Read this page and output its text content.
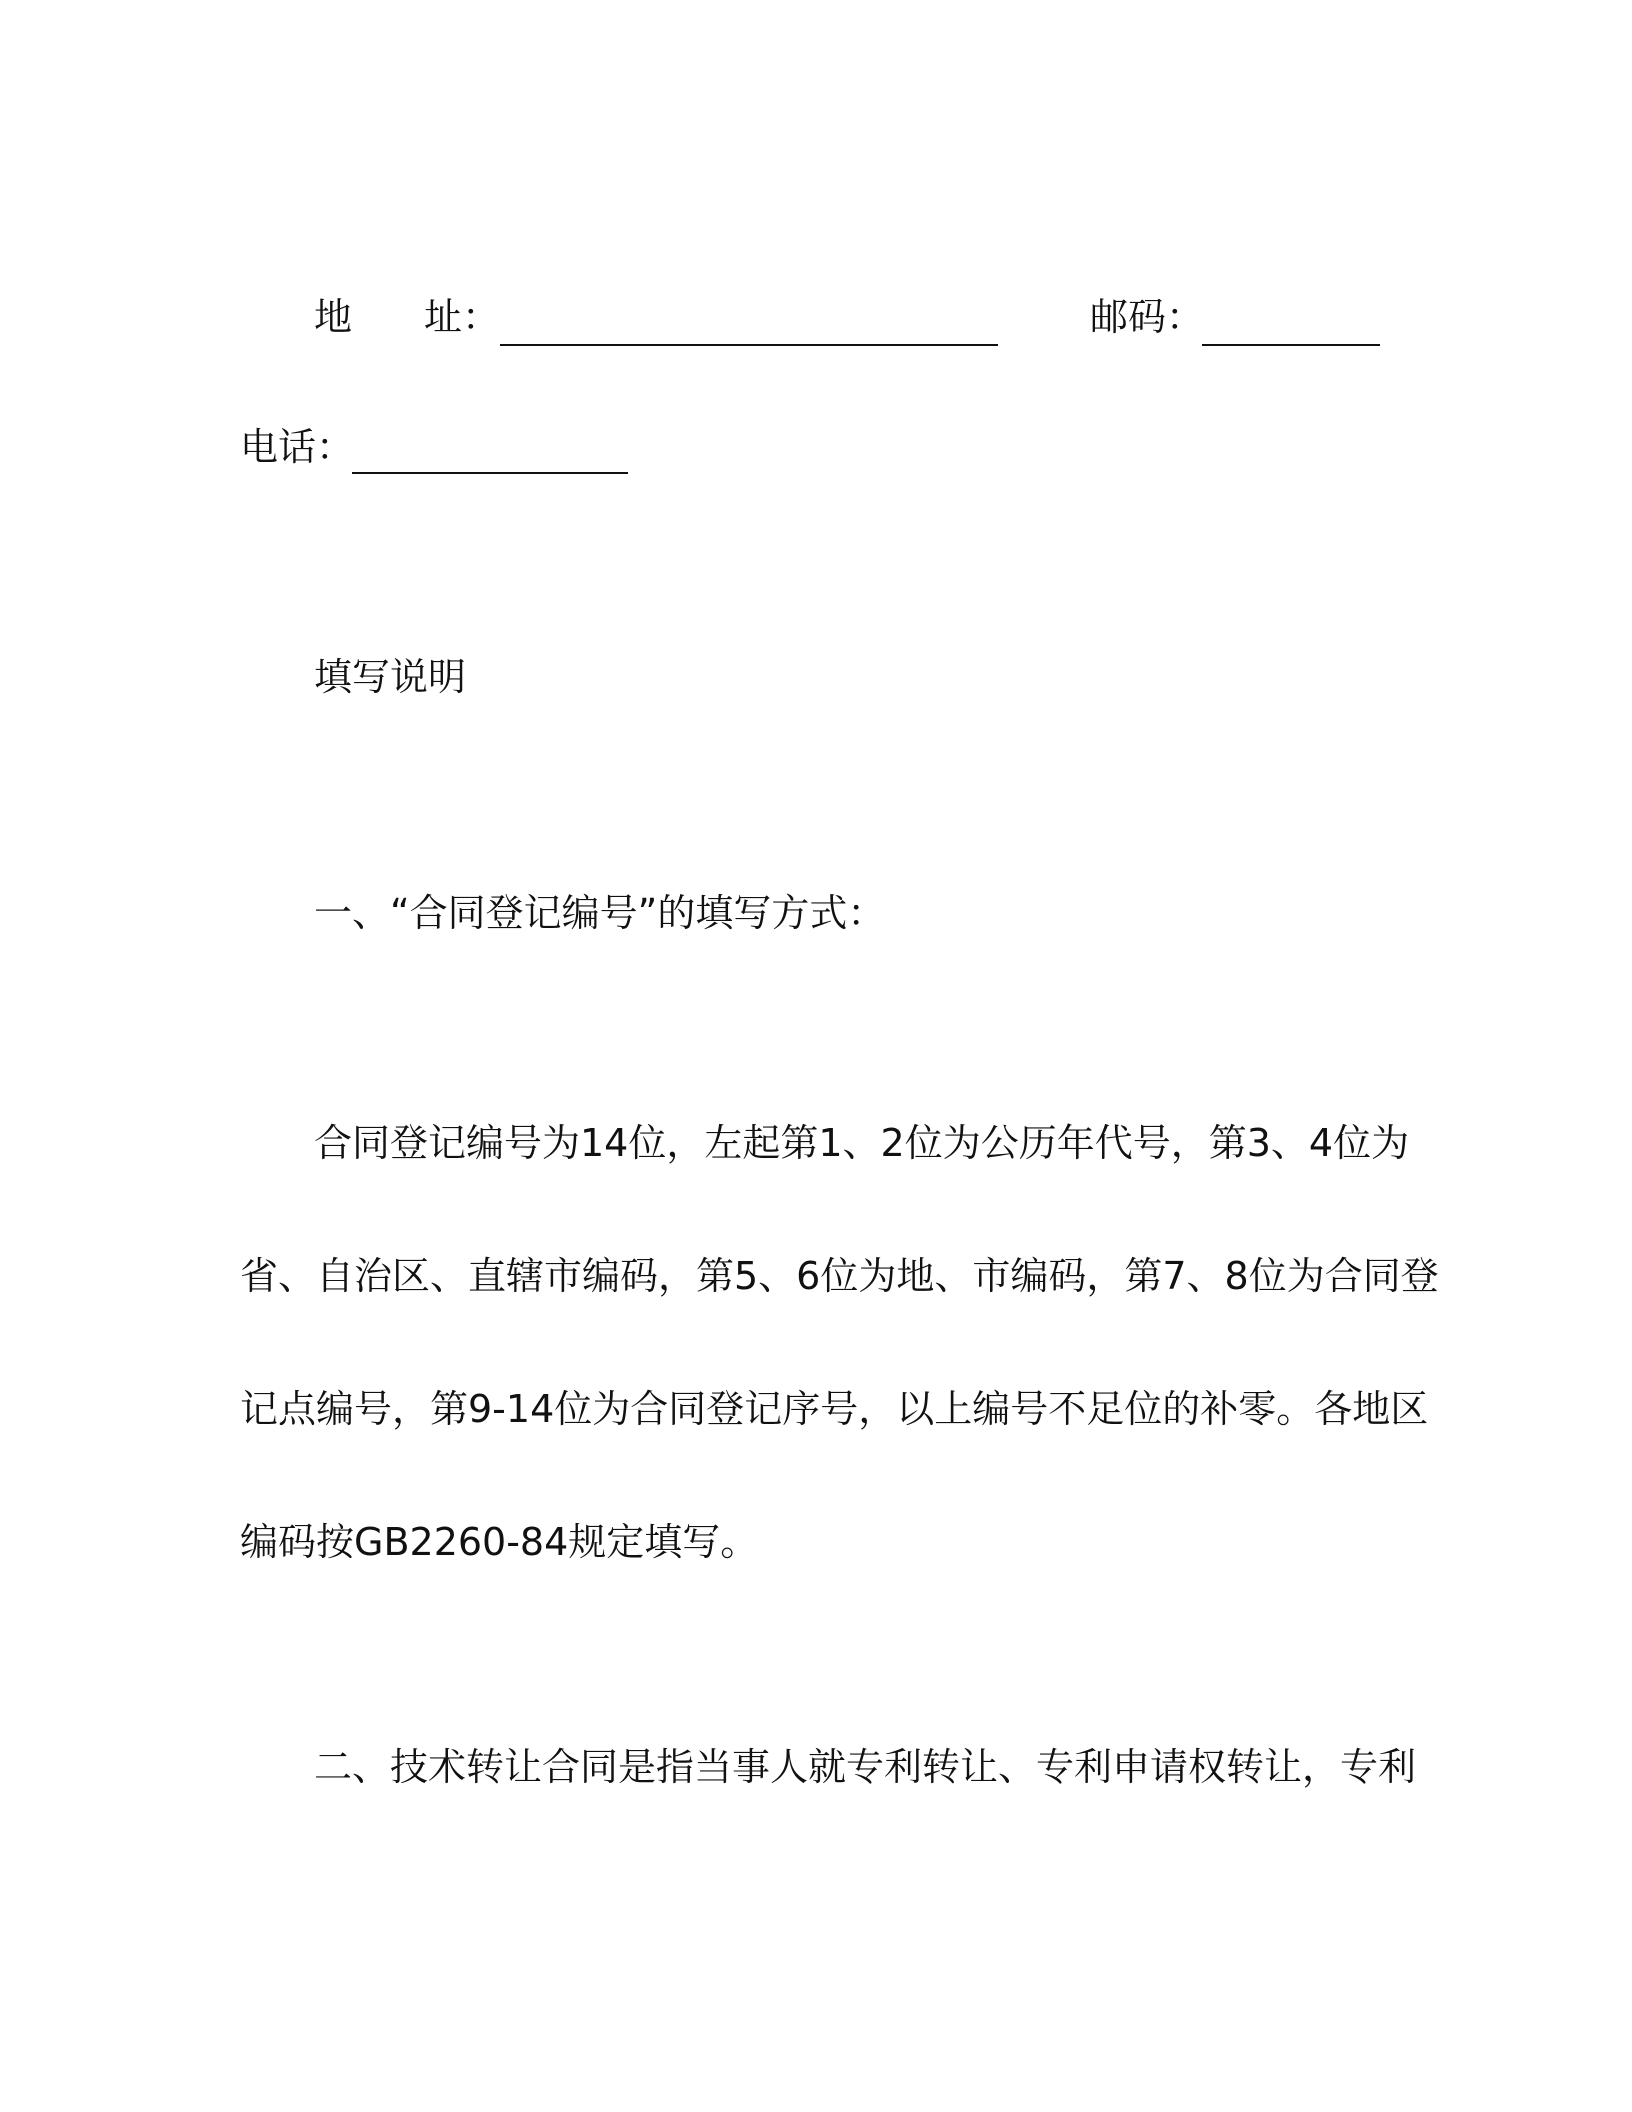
地 址：	邮码：
电话：
填写说明
一、“合同登记编号”的填写方式：
合同登记编号为14位，左起第1、2位为公历年代号，第3、4位为
省、自治区、直辖市编码，第5、6位为地、市编码，第7、8位为合同登
记点编号，第9-14位为合同登记序号，以上编号不足位的补零。各地区
编码按GB2260-84规定填写。
二、技术转让合同是指当事人就专利转让、专利申请权转让，专利
